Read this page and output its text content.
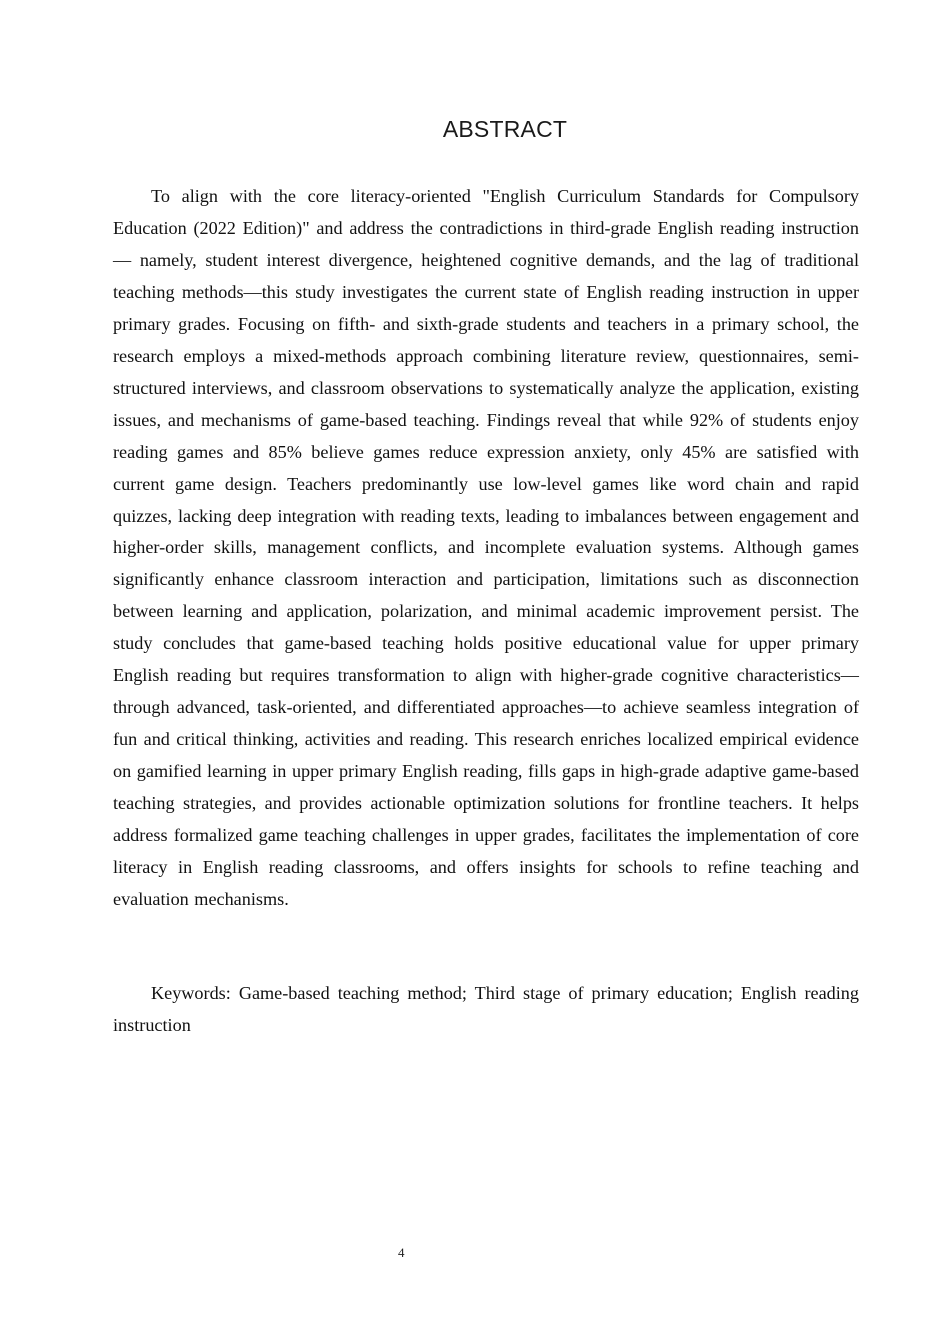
ABSTRACT

To align with the core literacy-oriented "English Curriculum Standards for Compulsory Education (2022 Edition)" and address the contradictions in third-grade English reading instruction— namely, student interest divergence, heightened cognitive demands, and the lag of traditional teaching methods—this study investigates the current state of English reading instruction in upper primary grades. Focusing on fifth- and sixth-grade students and teachers in a primary school, the research employs a mixed-methods approach combining literature review, questionnaires, semi-structured interviews, and classroom observations to systematically analyze the application, existing issues, and mechanisms of game-based teaching. Findings reveal that while 92% of students enjoy reading games and 85% believe games reduce expression anxiety, only 45% are satisfied with current game design. Teachers predominantly use low-level games like word chain and rapid quizzes, lacking deep integration with reading texts, leading to imbalances between engagement and higher-order skills, management conflicts, and incomplete evaluation systems. Although games significantly enhance classroom interaction and participation, limitations such as disconnection between learning and application, polarization, and minimal academic improvement persist. The study concludes that game-based teaching holds positive educational value for upper primary English reading but requires transformation to align with higher-grade cognitive characteristics— through advanced, task-oriented, and differentiated approaches—to achieve seamless integration of fun and critical thinking, activities and reading. This research enriches localized empirical evidence on gamified learning in upper primary English reading, fills gaps in high-grade adaptive game-based teaching strategies, and provides actionable optimization solutions for frontline teachers. It helps address formalized game teaching challenges in upper grades, facilitates the implementation of core literacy in English reading classrooms, and offers insights for schools to refine teaching and evaluation mechanisms.

Keywords: Game-based teaching method; Third stage of primary education; English reading instruction

4
